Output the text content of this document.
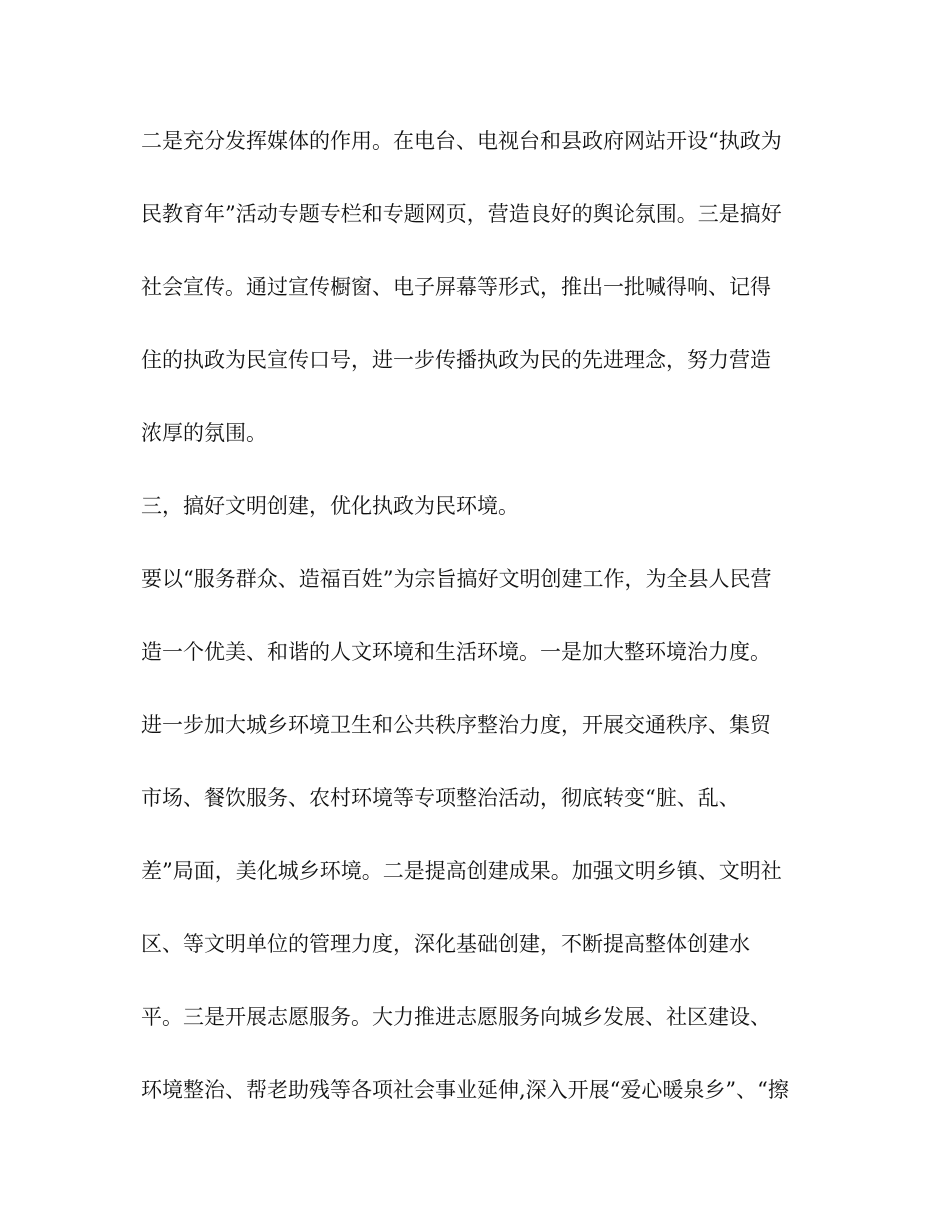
二是充分发挥媒体的作用。在电台、电视台和县政府网站开设“执政为

民教育年”活动专题专栏和专题网页，营造良好的舆论氛围。三是搞好

社会宣传。通过宣传橱窗、电子屏幕等形式，推出一批喊得响、记得

住的执政为民宣传口号，进一步传播执政为民的先进理念，努力营造

浓厚的氛围。

三，搞好文明创建，优化执政为民环境。

要以“服务群众、造福百姓”为宗旨搞好文明创建工作，为全县人民营

造一个优美、和谐的人文环境和生活环境。一是加大整环境治力度。

进一步加大城乡环境卫生和公共秩序整治力度，开展交通秩序、集贸

市场、餐饮服务、农村环境等专项整治活动，彻底转变“脏、乱、

差”局面，美化城乡环境。二是提高创建成果。加强文明乡镇、文明社

区、等文明单位的管理力度，深化基础创建，不断提高整体创建水

平。三是开展志愿服务。大力推进志愿服务向城乡发展、社区建设、

环境整治、帮老助残等各项社会事业延伸,深入开展“爱心暖泉乡”、“擦
